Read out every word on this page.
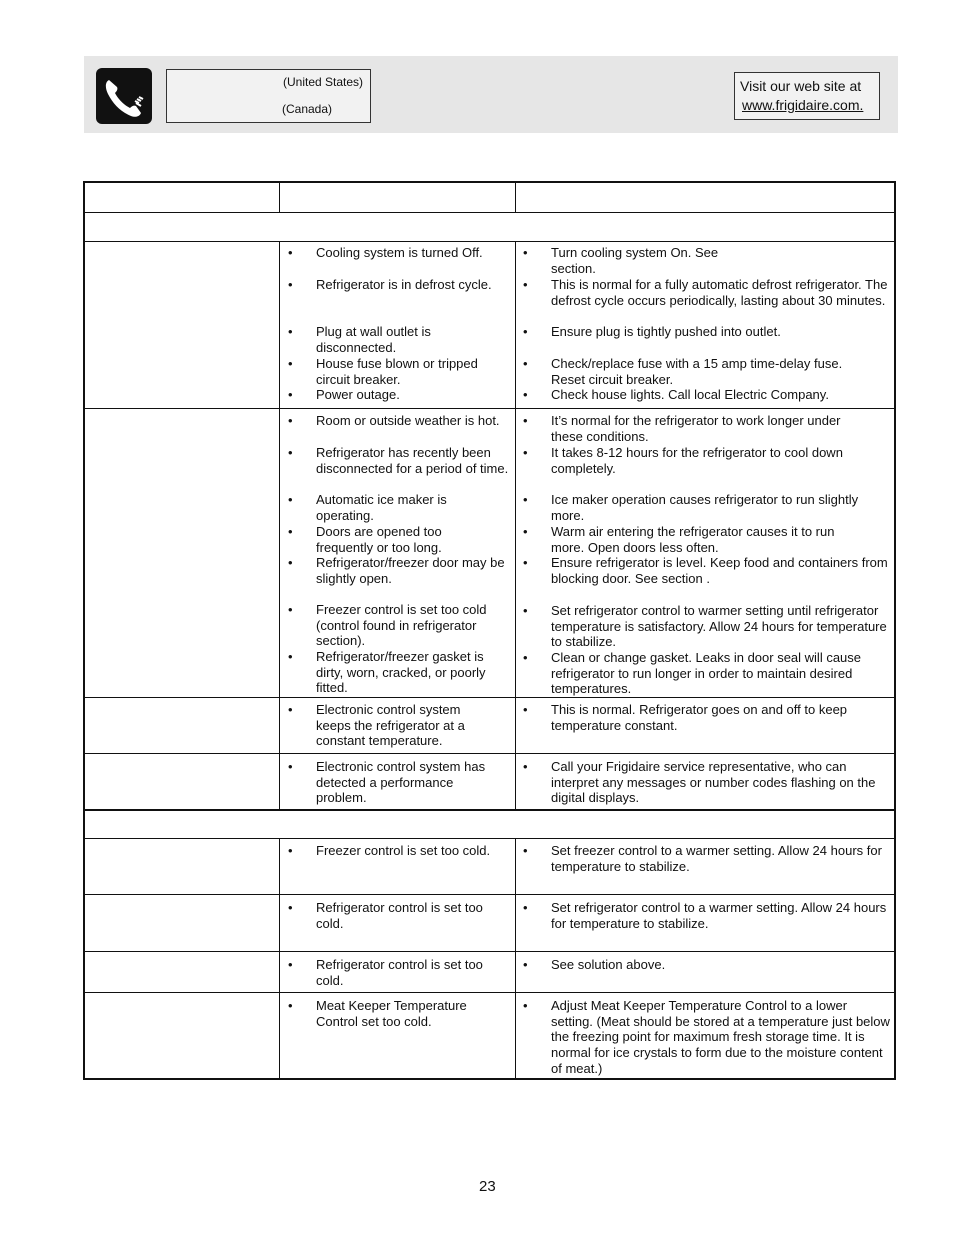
(United States)
(Canada)
Visit our web site at
www.frigidaire.com.
• Cooling system is turned Off.
• Refrigerator is in defrost cycle.
• Plug at wall outlet is disconnected.
• House fuse blown or tripped circuit breaker.
• Power outage.
• Turn cooling system On. See section.
• This is normal for a fully automatic defrost refrigerator. The defrost cycle occurs periodically, lasting about 30 minutes.
• Ensure plug is tightly pushed into outlet.
• Check/replace fuse with a 15 amp time-delay fuse. Reset circuit breaker.
• Check house lights. Call local Electric Company.
• Room or outside weather is hot.
• Refrigerator has recently been disconnected for a period of time.
• Automatic ice maker is operating.
• Doors are opened too frequently or too long.
• Refrigerator/freezer door may be slightly open.
• Freezer control is set too cold (control found in refrigerator section).
• Refrigerator/freezer gasket is dirty, worn, cracked, or poorly fitted.
• It’s normal for the refrigerator to work longer under these conditions.
• It takes 8-12 hours for the refrigerator to cool down completely.
• Ice maker operation causes refrigerator to run slightly more.
• Warm air entering the refrigerator causes it to run more. Open doors less often.
• Ensure refrigerator is level. Keep food and containers from blocking door. See section .
• Set refrigerator control to warmer setting until refrigerator temperature is satisfactory. Allow 24 hours for temperature to stabilize.
• Clean or change gasket. Leaks in door seal will cause refrigerator to run longer in order to maintain desired temperatures.
• Electronic control system keeps the refrigerator at a constant temperature.
• This is normal. Refrigerator goes on and off to keep temperature constant.
• Electronic control system has detected a performance problem.
• Call your Frigidaire service representative, who can interpret any messages or number codes flashing on the digital displays.
• Freezer control is set too cold.	• Set freezer control to a warmer setting. Allow 24 hours for temperature to stabilize.
• Refrigerator control is set too cold.
• Set refrigerator control to a warmer setting. Allow 24 hours for temperature to stabilize.
• Refrigerator control is set too cold.
• See solution above.
• Meat Keeper Temperature Control set too cold.
• Adjust Meat Keeper Temperature Control to a lower setting. (Meat should be stored at a temperature just below the freezing point for maximum fresh storage time. It is normal for ice crystals to form due to the moisture content of meat.)
23
